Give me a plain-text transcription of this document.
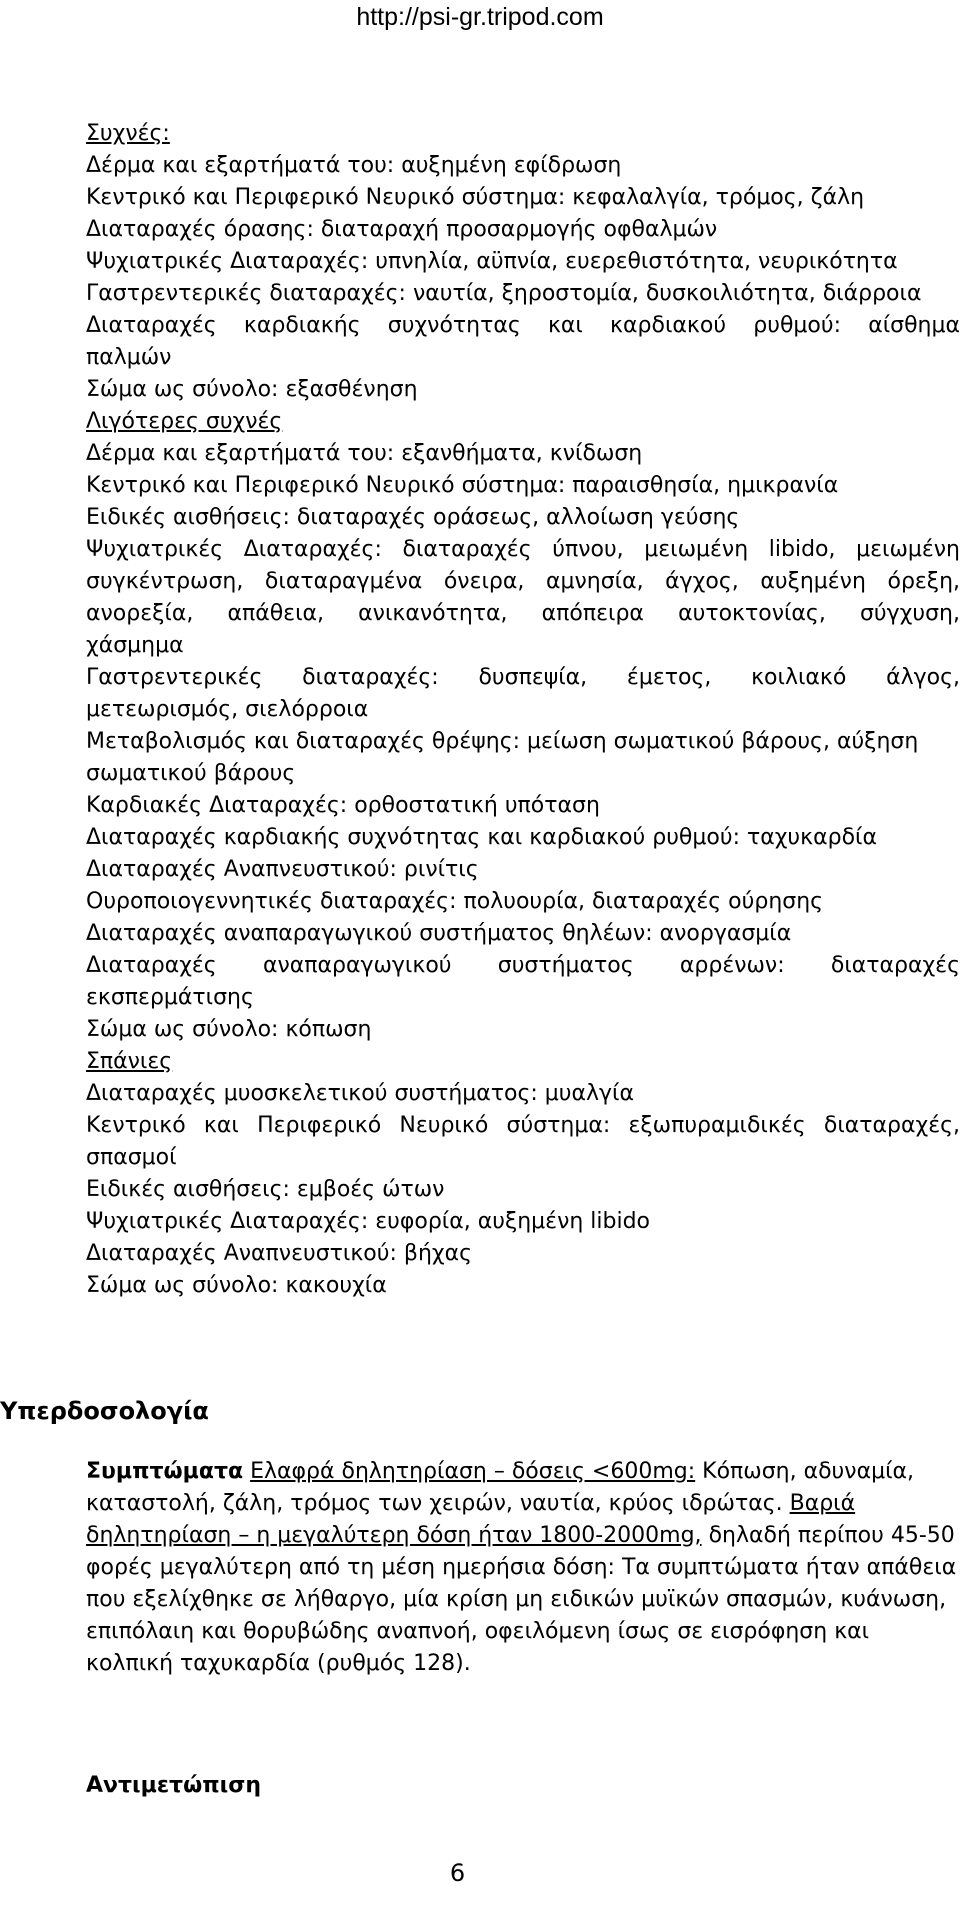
http://psi-gr.tripod.com
Συχνές:
Δέρμα και εξαρτήματά του: αυξημένη εφίδρωση
Κεντρικό και Περιφερικό Νευρικό σύστημα: κεφαλαλγία, τρόμος, ζάλη
Διαταραχές όρασης: διαταραχή προσαρμογής οφθαλμών
Ψυχιατρικές Διαταραχές: υπνηλία, αϋπνία, ευερεθιστότητα, νευρικότητα
Γαστρεντερικές διαταραχές: ναυτία, ξηροστομία, δυσκοιλιότητα, διάρροια
Διαταραχές καρδιακής συχνότητας και καρδιακού ρυθμού: αίσθημα
παλμών
Σώμα ως σύνολο: εξασθένηση
Λιγότερες συχνές
Δέρμα και εξαρτήματά του: εξανθήματα, κνίδωση
Κεντρικό και Περιφερικό Νευρικό σύστημα: παραισθησία, ημικρανία
Ειδικές αισθήσεις: διαταραχές οράσεως, αλλοίωση γεύσης
Ψυχιατρικές Διαταραχές: διαταραχές ύπνου, μειωμένη libido, μειωμένη
συγκέντρωση, διαταραγμένα όνειρα, αμνησία, άγχος, αυξημένη όρεξη,
ανορεξία, απάθεια, ανικανότητα, απόπειρα αυτοκτονίας, σύγχυση,
χάσμημα
Γαστρεντερικές διαταραχές: δυσπεψία, έμετος, κοιλιακό άλγος,
μετεωρισμός, σιελόρροια
Μεταβολισμός και διαταραχές θρέψης: μείωση σωματικού βάρους, αύξηση
σωματικού βάρους
Καρδιακές Διαταραχές: ορθοστατική υπόταση
Διαταραχές καρδιακής συχνότητας και καρδιακού ρυθμού: ταχυκαρδία
Διαταραχές Αναπνευστικού: ρινίτις
Ουροποιογεννητικές διαταραχές: πολυουρία, διαταραχές ούρησης
Διαταραχές αναπαραγωγικού συστήματος θηλέων: ανοργασμία
Διαταραχές αναπαραγωγικού συστήματος αρρένων: διαταραχές
εκσπερμάτισης
Σώμα ως σύνολο: κόπωση
Σπάνιες
Διαταραχές μυοσκελετικού συστήματος: μυαλγία
Κεντρικό και Περιφερικό Νευρικό σύστημα: εξωπυραμιδικές διαταραχές,
σπασμοί
Ειδικές αισθήσεις: εμβοές ώτων
Ψυχιατρικές Διαταραχές: ευφορία, αυξημένη libido
Διαταραχές Αναπνευστικού: βήχας
Σώμα ως σύνολο: κακουχία
Υπερδοσολογία
Συμπτώματα Ελαφρά δηλητηρίαση – δόσεις <600mg: Κόπωση, αδυναμία, καταστολή, ζάλη, τρόμος των χειρών, ναυτία, κρύος ιδρώτας. Βαριά δηλητηρίαση – η μεγαλύτερη δόση ήταν 1800-2000mg, δηλαδή περίπου 45-50 φορές μεγαλύτερη από τη μέση ημερήσια δόση: Τα συμπτώματα ήταν απάθεια που εξελίχθηκε σε λήθαργο, μία κρίση μη ειδικών μυϊκών σπασμών, κυάνωση, επιπόλαιη και θορυβώδης αναπνοή, οφειλόμενη ίσως σε εισρόφηση και κολπική ταχυκαρδία (ρυθμός 128).
Αντιμετώπιση
6
